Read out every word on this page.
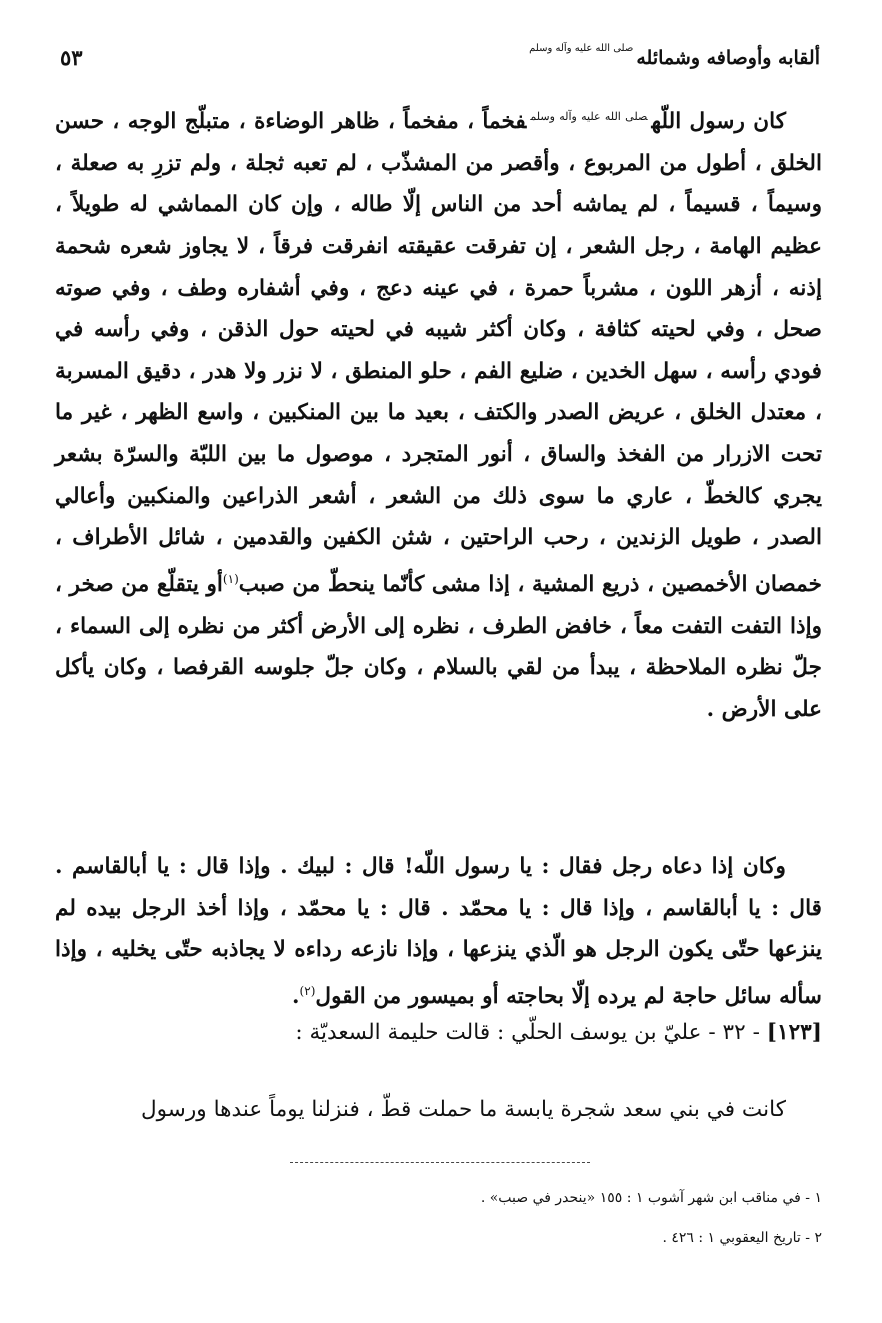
ألقابه وأوصافه وشمائلهصلى الله عليه وآله وسلم
٥٣
كان رسول اللّه$^{صلى الله عليه وآله وسلم}$فخماً ، مفخماً ، ظاهر الوضاءة ، متبلّج الوجه ، حسن الخلق ، أطول من المربوع ، وأقصر من المشذّب ، لم تعبه ثجلة ، ولم تزرِ به صعلة ، وسيماً ، قسيماً ، لم يماشه أحد من الناس إلّا طاله ، وإن كان المماشي له طويلاً ، عظيم الهامة ، رجل الشعر ، إن تفرقت عقيقته انفرقت فرقاً ، لا يجاوز شعره شحمة إذنه ، أزهر اللون ، مشرباً حمرة ، في عينه دعج ، وفي أشفاره وطف ، وفي صوته صحل ، وفي لحيته كثافة ، وكان أكثر شيبه في لحيته حول الذقن ، وفي رأسه في فودي رأسه ، سهل الخدين ، ضليع الفم ، حلو المنطق ، لا نزر ولا هدر ، دقيق المسربة ، معتدل الخلق ، عريض الصدر والكتف ، بعيد ما بين المنكبين ، واسع الظهر ، غير ما تحت الازرار من الفخذ والساق ، أنور المتجرد ، موصول ما بين اللبّة والسرّة بشعر يجري كالخطّ ، عاري ما سوى ذلك من الشعر ، أشعر الذراعين والمنكبين وأعالي الصدر ، طويل الزندين ، رحب الراحتين ، شثن الكفين والقدمين ، شائل الأطراف ، خمصان الأخمصين ، ذريع المشية ، إذا مشى كأنّما ينحطّ من صبب$^{(١)}$أو يتقلّع من صخر ، وإذا التفت التفت معاً ، خافض الطرف ، نظره إلى الأرض أكثر من نظره إلى السماء ، جلّ نظره الملاحظة ، يبدأ من لقي بالسلام ، وكان جلّ جلوسه القرفصا ، وكان يأكل على الأرض .
وكان إذا دعاه رجل فقال : يا رسول اللّه! قال : لبيك . وإذا قال : يا أبالقاسم . قال : يا أبالقاسم ، وإذا قال : يا محمّد . قال : يا محمّد ، وإذا أخذ الرجل بيده لم ينزعها حتّى يكون الرجل هو الّذي ينزعها ، وإذا نازعه رداءه لا يجاذبه حتّى يخليه ، وإذا سأله سائل حاجة لم يرده إلّا بحاجته أو بميسور من القول$^{(٢)}$.
[١٢٣] - ٣٢ - عليّ بن يوسف الحلّي : قالت حليمة السعديّة :
كانت في بني سعد شجرة يابسة ما حملت قطّ ، فنزلنا يوماً عندها ورسول
١ - في مناقب ابن شهر آشوب ١ : ١٥٥ «ينحدر في صبب» .
٢ - تاريخ اليعقوبي ١ : ٤٢٦ .
